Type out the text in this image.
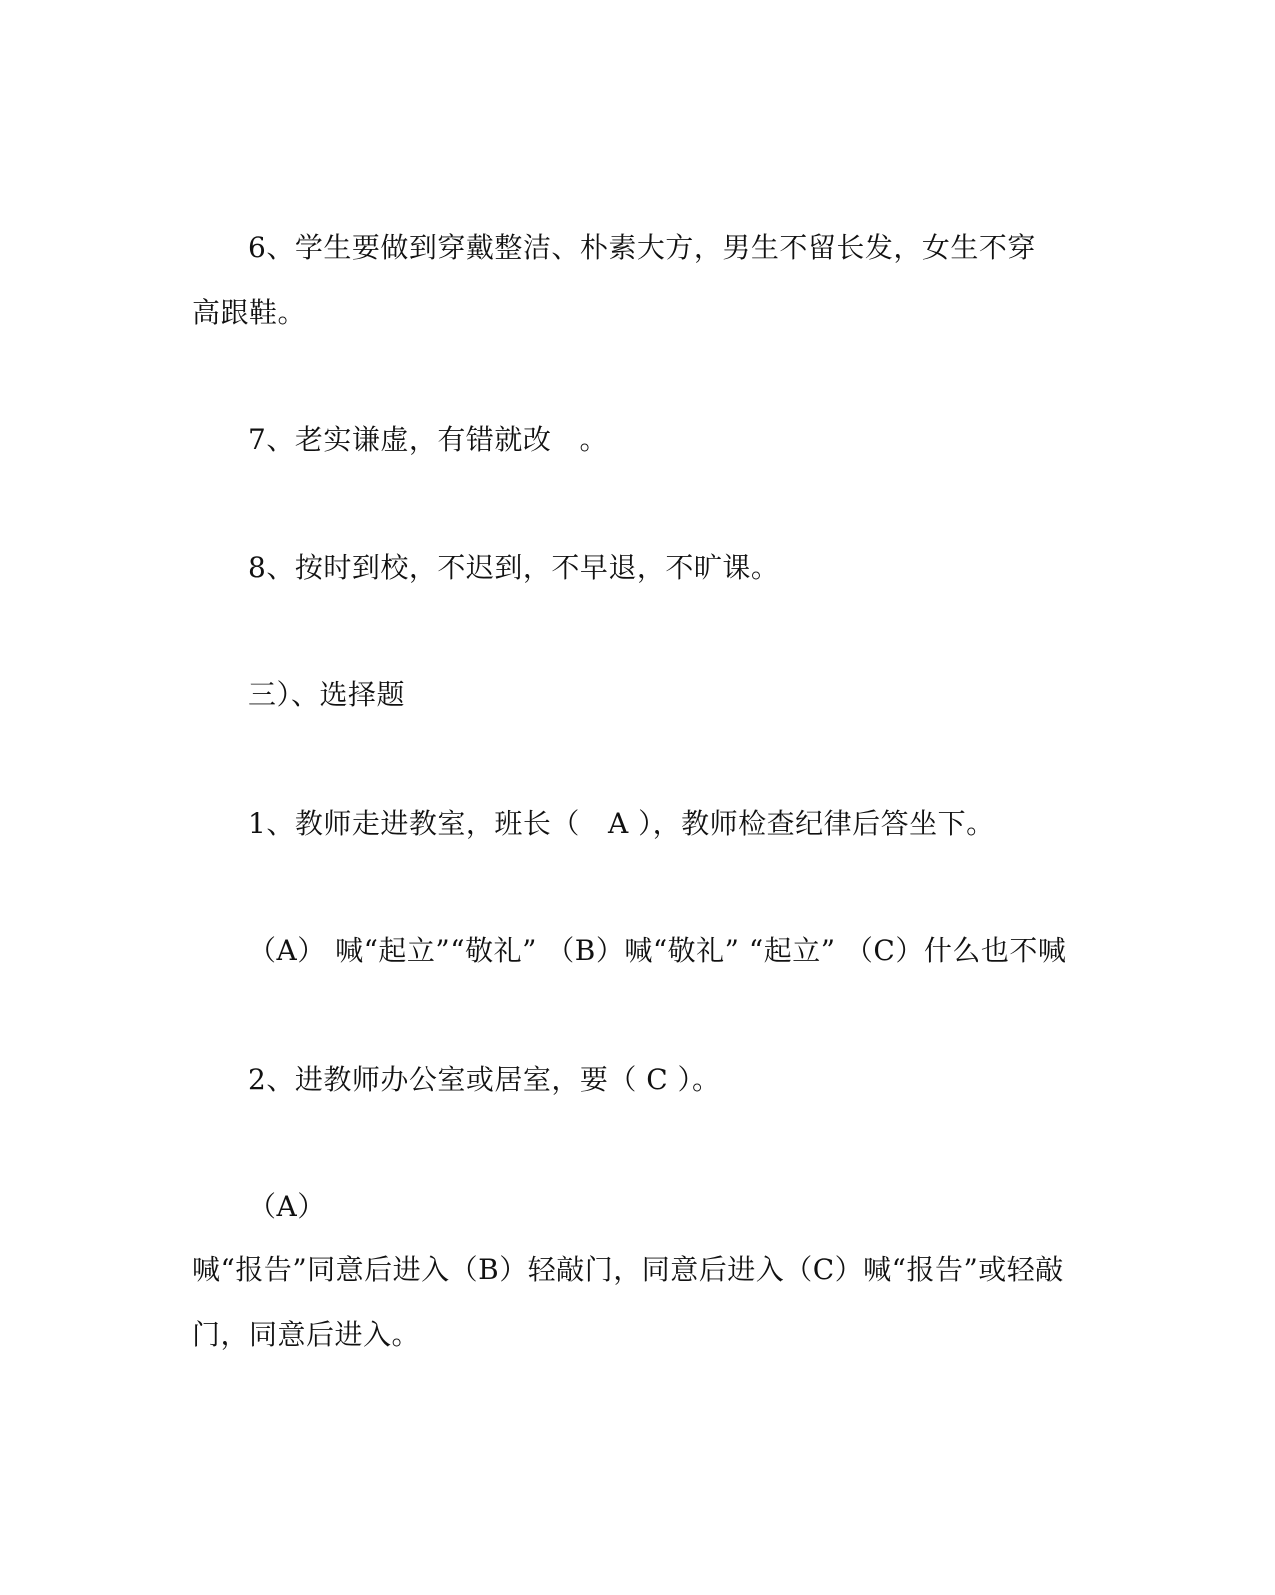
6、学生要做到穿戴整洁、朴素大方，男生不留长发，女生不穿
高跟鞋。
7、老实谦虚，有错就改   。
8、按时到校，不迟到，不早退，不旷课。
三）、选择题
1、教师走进教室，班长（   A ），教师检查纪律后答坐下。
（A） 喊“起立”“敬礼” （B）喊“敬礼” “起立” （C）什么也不喊
2、进教师办公室或居室，要（ C ）。
（A）
喊“报告”同意后进入（B）轻敲门，同意后进入（C）喊“报告”或轻敲
门，同意后进入。
